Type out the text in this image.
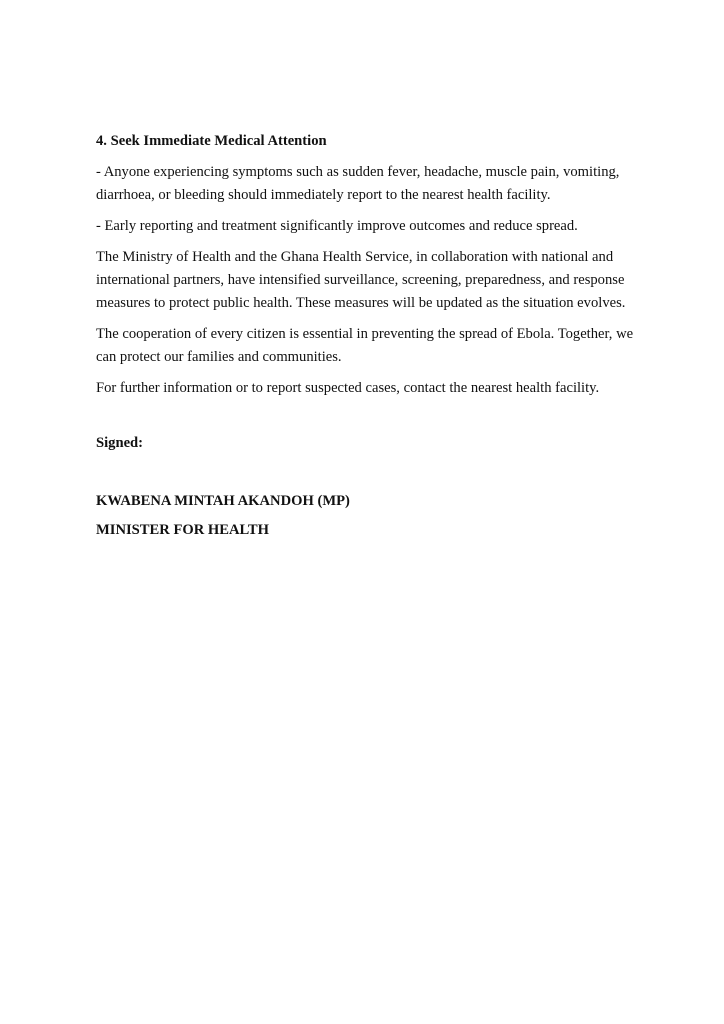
4. Seek Immediate Medical Attention

- Anyone experiencing symptoms such as sudden fever, headache, muscle pain, vomiting, diarrhoea, or bleeding should immediately report to the nearest health facility.

- Early reporting and treatment significantly improve outcomes and reduce spread.

The Ministry of Health and the Ghana Health Service, in collaboration with national and international partners, have intensified surveillance, screening, preparedness, and response measures to protect public health. These measures will be updated as the situation evolves.

The cooperation of every citizen is essential in preventing the spread of Ebola. Together, we can protect our families and communities.

For further information or to report suspected cases, contact the nearest health facility.

Signed:

KWABENA MINTAH AKANDOH (MP)

MINISTER FOR HEALTH
